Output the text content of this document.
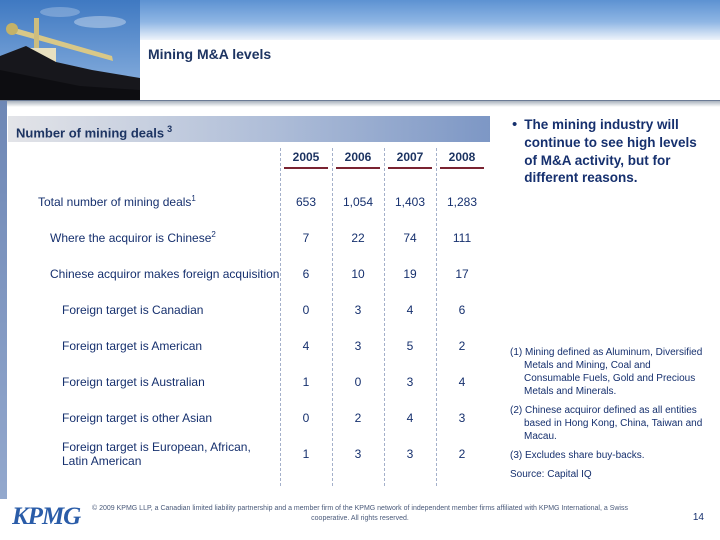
Mining M&A levels
Number of mining deals $^3$
2005	2006	2007	2008
Total number of mining deals$^1$	653	1,054	1,403	1,283
Where the acquiror is Chinese$^2$	7	22	74	111
Chinese acquiror makes foreign acquisition	6	10	19	17
Foreign target is Canadian	0	3	4	6
Foreign target is American	4	3	5	2
Foreign target is Australian	1	0	3	4
Foreign target is other Asian	0	2	4	3
Foreign target is European, African, Latin American	1	3	3	2
• The mining industry will continue to see high levels of M&A activity, but for different reasons.
(1) Mining defined as Aluminum, Diversified Metals and Mining, Coal and Consumable Fuels, Gold and Precious Metals and Minerals.
(2) Chinese acquiror defined as all entities based in Hong Kong, China, Taiwan and Macau.
(3) Excludes share buy-backs.
Source: Capital IQ
© 2009 KPMG LLP, a Canadian limited liability partnership and a member firm of the KPMG network of independent member firms affiliated with KPMG International, a Swiss cooperative. All rights reserved.	14
KPMG
